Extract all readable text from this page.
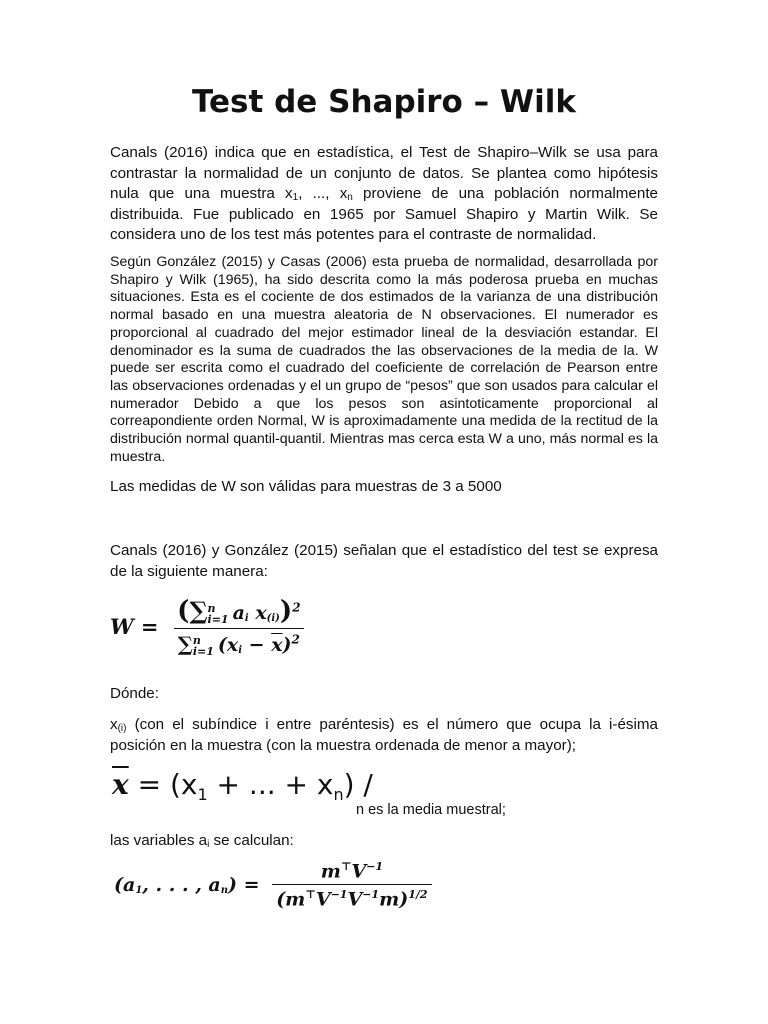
Test de Shapiro – Wilk

Canals (2016) indica que en estadística, el Test de Shapiro–Wilk se usa para contrastar la normalidad de un conjunto de datos. Se plantea como hipótesis nula que una muestra $x_1$, ..., $x_n$ proviene de una población normalmente distribuida. Fue publicado en 1965 por Samuel Shapiro y Martin Wilk. Se considera uno de los test más potentes para el contraste de normalidad.

Según González (2015) y Casas (2006) esta prueba de normalidad, desarrollada por Shapiro y Wilk (1965), ha sido descrita como la más poderosa prueba en muchas situaciones. Esta es el cociente de dos estimados de la varianza de una distribución normal basado en una muestra aleatoria de N observaciones. El numerador es proporcional al cuadrado del mejor estimador lineal de la desviación estandar. El denominador es la suma de cuadrados the las observaciones de la media de la. W puede ser escrita como el cuadrado del coeficiente de correlación de Pearson entre las observaciones ordenadas y el un grupo de “pesos” que son usados para calcular el numerador Debido a que los pesos son asintoticamente proporcional al correapondiente orden Normal, W is aproximadamente una medida de la rectitud de la distribución normal quantil-quantil. Mientras mas cerca esta W a uno, más normal es la muestra.

Las medidas de W son válidas para muestras de 3 a 5000

Canals (2016) y González (2015) señalan que el estadístico del test se expresa de la siguiente manera:

W = (∑ n
i=1 $a_i$ $x_{(i)})^2$
∑ n
i=1 $(x_i - \overline{x})^2$

Dónde:

$x_{(i)}$ (con el subíndice i entre paréntesis) es el número que ocupa la i-ésima posición en la muestra (con la muestra ordenada de menor a mayor);

$\overline{x} = (x_1$ + ... + $x_n$) /

n es la media muestral;

las variables $a_i$ se calculan:

($a_1$, . . . , $a_n) = \frac{m^⊤V^{-1}}{(m^⊤V^{-1}V^{-1}m)^{1/2}}$
